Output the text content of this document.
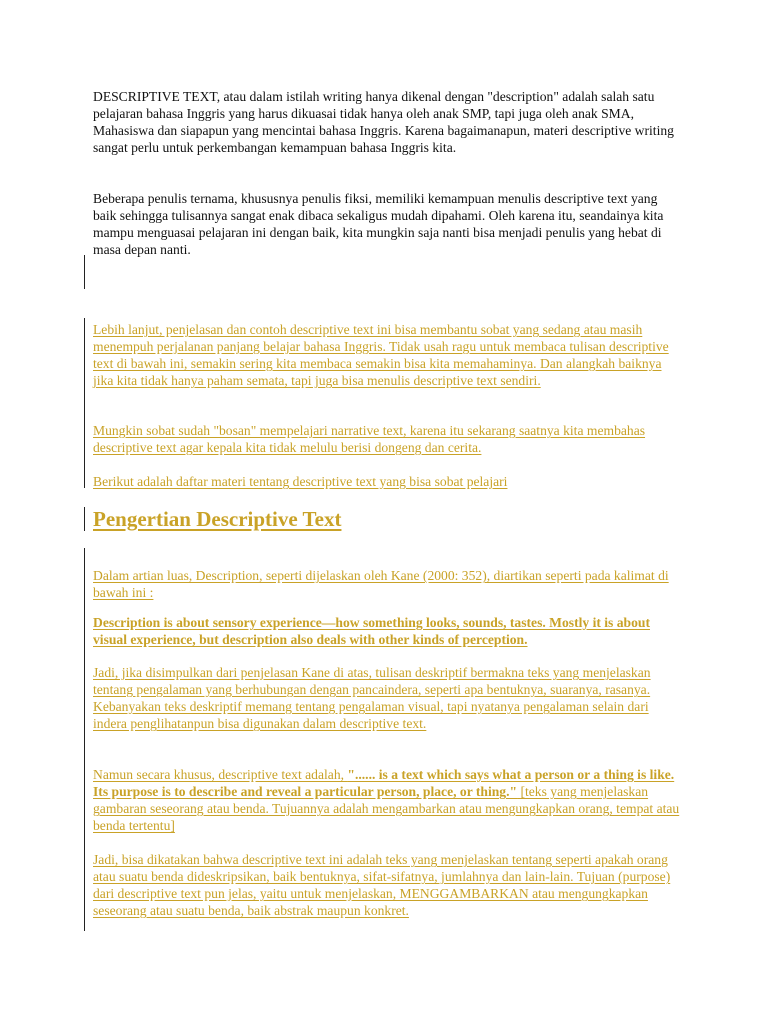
DESCRIPTIVE TEXT, atau dalam istilah writing hanya dikenal dengan "description" adalah salah satu pelajaran bahasa Inggris yang harus dikuasai tidak hanya oleh anak SMP, tapi juga oleh anak SMA, Mahasiswa dan siapapun yang mencintai bahasa Inggris. Karena bagaimanapun, materi descriptive writing sangat perlu untuk perkembangan kemampuan bahasa Inggris kita.

Beberapa penulis ternama, khususnya penulis fiksi, memiliki kemampuan menulis descriptive text yang baik sehingga tulisannya sangat enak dibaca sekaligus mudah dipahami. Oleh karena itu, seandainya kita mampu menguasai pelajaran ini dengan baik, kita mungkin saja nanti bisa menjadi penulis yang hebat di masa depan nanti.

Lebih lanjut, penjelasan dan contoh descriptive text ini bisa membantu sobat yang sedang atau masih menempuh perjalanan panjang belajar bahasa Inggris. Tidak usah ragu untuk membaca tulisan descriptive text di bawah ini, semakin sering kita membaca semakin bisa kita memahaminya. Dan alangkah baiknya jika kita tidak hanya paham semata, tapi juga bisa menulis descriptive text sendiri.

Mungkin sobat sudah "bosan" mempelajari narrative text, karena itu sekarang saatnya kita membahas descriptive text agar kepala kita tidak melulu berisi dongeng dan cerita.

Berikut adalah daftar materi tentang descriptive text yang bisa sobat pelajari

Pengertian Descriptive Text

Dalam artian luas, Description, seperti dijelaskan oleh Kane (2000: 352), diartikan seperti pada kalimat di bawah ini :

Description is about sensory experience—how something looks, sounds, tastes. Mostly it is about visual experience, but description also deals with other kinds of perception.

Jadi, jika disimpulkan dari penjelasan Kane di atas, tulisan deskriptif bermakna teks yang menjelaskan tentang pengalaman yang berhubungan dengan pancaindera, seperti apa bentuknya, suaranya, rasanya. Kebanyakan teks deskriptif memang tentang pengalaman visual, tapi nyatanya pengalaman selain dari indera penglihatanpun bisa digunakan dalam descriptive text.

Namun secara khusus, descriptive text adalah, "...... is a text which says what a person or a thing is like. Its purpose is to describe and reveal a particular person, place, or thing." [teks yang menjelaskan gambaran seseorang atau benda. Tujuannya adalah mengambarkan atau mengungkapkan orang, tempat atau benda tertentu]

Jadi, bisa dikatakan bahwa descriptive text ini adalah teks yang menjelaskan tentang seperti apakah orang atau suatu benda dideskripsikan, baik bentuknya, sifat-sifatnya, jumlahnya dan lain-lain. Tujuan (purpose) dari descriptive text pun jelas, yaitu untuk menjelaskan, MENGGAMBARKAN atau mengungkapkan seseorang atau suatu benda, baik abstrak maupun konkret.
